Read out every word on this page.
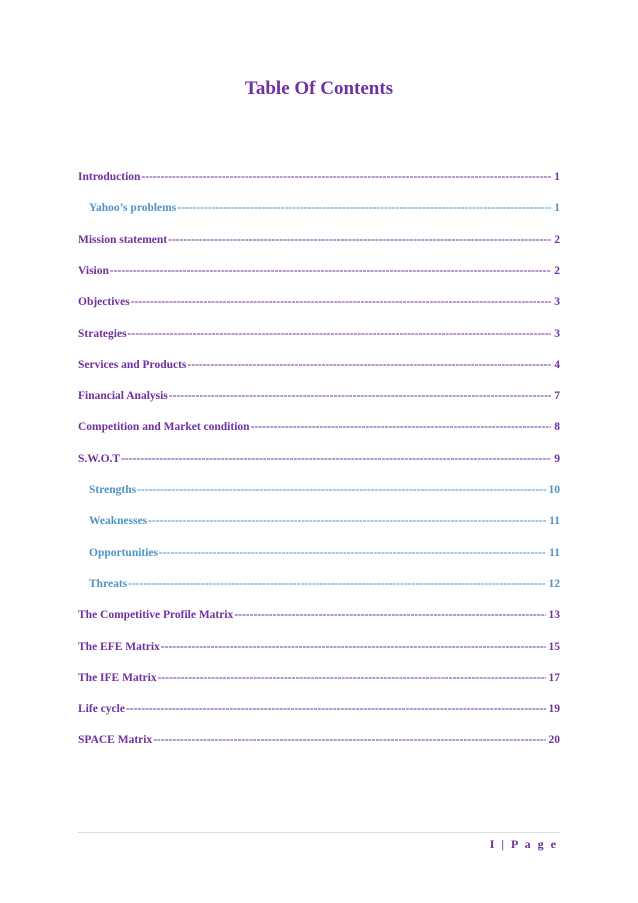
Table Of Contents
Introduction -----	1
Yahoo’s problems -----	1
Mission statement -----	2
Vision -----	2
Objectives -----	3
Strategies -----	3
Services and Products -----	4
Financial Analysis -----	7
Competition and Market condition -----	8
S.W.O.T -----	9
Strengths -----	10
Weaknesses -----	11
Opportunities -----	11
Threats -----	12
The Competitive Profile Matrix -----	13
The EFE Matrix -----	15
The IFE Matrix -----	17
Life cycle -----	19
SPACE Matrix -----	20
I | P a g e
